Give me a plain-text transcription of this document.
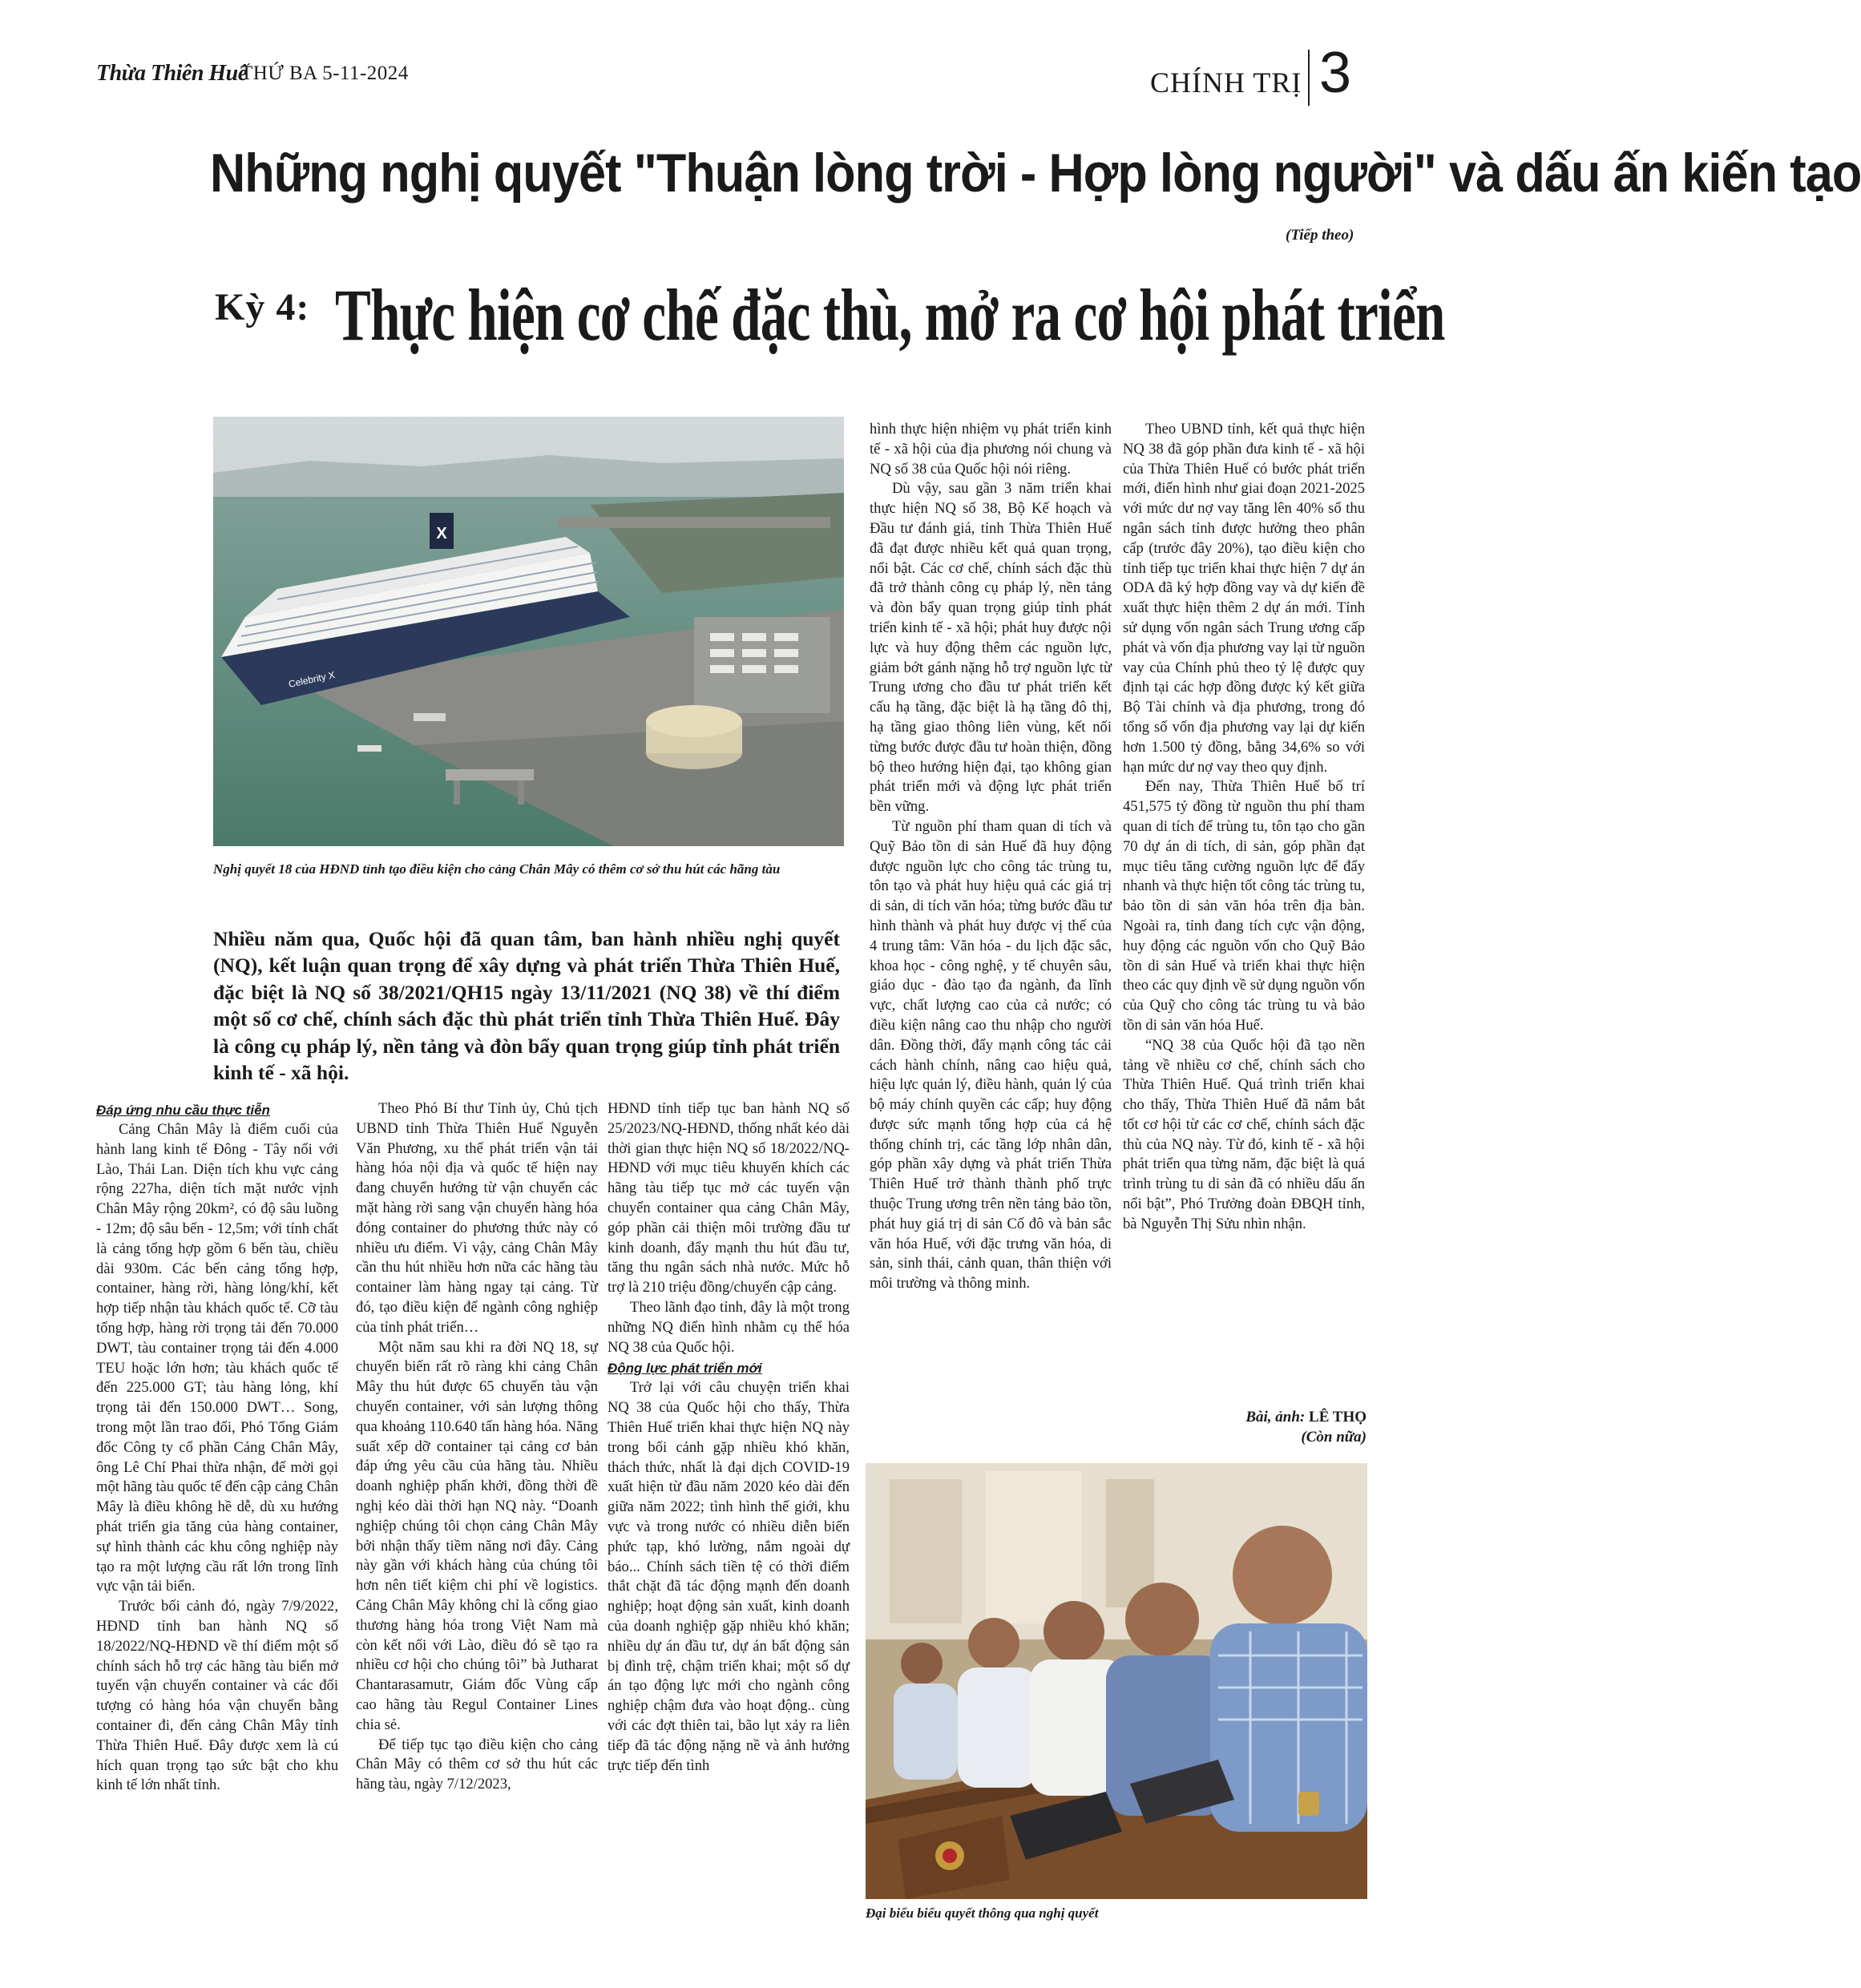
Thừa Thiên Huế
THỨ BA 5-11-2024	CHÍNH TRỊ 3
Những nghị quyết "Thuận lòng trời - Hợp lòng người" và dấu ấn kiến tạo
(Tiếp theo)
Kỳ 4: Thực hiện cơ chế đặc thù, mở ra cơ hội phát triển
X
Celebrity X
Nghị quyết 18 của HĐND tỉnh tạo điều kiện cho cảng Chân Mây có thêm cơ sở thu hút các hãng tàu
Nhiều năm qua, Quốc hội đã quan tâm, ban hành nhiều nghị quyết (NQ), kết luận quan trọng để xây dựng và phát triển Thừa Thiên Huế, đặc biệt là NQ số 38/2021/QH15 ngày 13/11/2021 (NQ 38) về thí điểm một số cơ chế, chính sách đặc thù phát triển tỉnh Thừa Thiên Huế. Đây là công cụ pháp lý, nền tảng và đòn bẩy quan trọng giúp tỉnh phát triển kinh tế - xã hội.
Đáp ứng nhu cầu thực tiễn

Cảng Chân Mây là điểm cuối của hành lang kinh tế Đông - Tây nối với Lào, Thái Lan. Diện tích khu vực cảng rộng 227ha, diện tích mặt nước vịnh Chân Mây rộng 20km², có độ sâu luồng - 12m; độ sâu bến - 12,5m; với tính chất là cảng tổng hợp gồm 6 bến tàu, chiều dài 930m. Các bến cảng tổng hợp, container, hàng rời, hàng lỏng/khí, kết hợp tiếp nhận tàu khách quốc tế. Cỡ tàu tổng hợp, hàng rời trọng tải đến 70.000 DWT, tàu container trọng tải đến 4.000 TEU hoặc lớn hơn; tàu khách quốc tế đến 225.000 GT; tàu hàng lỏng, khí trọng tải đến 150.000 DWT… Song, trong một lần trao đổi, Phó Tổng Giám đốc Công ty cổ phần Cảng Chân Mây, ông Lê Chí Phai thừa nhận, để mời gọi một hãng tàu quốc tế đến cập cảng Chân Mây là điều không hề dễ, dù xu hướng phát triển gia tăng của hàng container, sự hình thành các khu công nghiệp này tạo ra một lượng cầu rất lớn trong lĩnh vực vận tải biển.

Trước bối cảnh đó, ngày 7/9/2022, HĐND tỉnh ban hành NQ số 18/2022/NQ-HĐND về thí điểm một số chính sách hỗ trợ các hãng tàu biển mở tuyến vận chuyển container và các đối tượng có hàng hóa vận chuyển bằng container đi, đến cảng Chân Mây tỉnh Thừa Thiên Huế. Đây được xem là cú hích quan trọng tạo sức bật cho khu kinh tế lớn nhất tỉnh.

Theo Phó Bí thư Tỉnh ủy, Chủ tịch UBND tỉnh Thừa Thiên Huế Nguyễn Văn Phương, xu thế phát triển vận tải hàng hóa nội địa và quốc tế hiện nay đang chuyển hướng từ vận chuyển các mặt hàng rời sang vận chuyển hàng hóa đóng container do phương thức này có nhiều ưu điểm. Vì vậy, cảng Chân Mây cần thu hút nhiều hơn nữa các hãng tàu container làm hàng ngay tại cảng. Từ đó, tạo điều kiện để ngành công nghiệp của tỉnh phát triển…

Một năm sau khi ra đời NQ 18, sự chuyển biến rất rõ ràng khi cảng Chân Mây thu hút được 65 chuyến tàu vận chuyển container, với sản lượng thông qua khoảng 110.640 tấn hàng hóa. Năng suất xếp dỡ container tại cảng cơ bản đáp ứng yêu cầu của hãng tàu. Nhiều doanh nghiệp phấn khởi, đồng thời đề nghị kéo dài thời hạn NQ này. “Doanh nghiệp chúng tôi chọn cảng Chân Mây bởi nhận thấy tiềm năng nơi đây. Cảng này gần với khách hàng của chúng tôi hơn nên tiết kiệm chi phí về logistics. Cảng Chân Mây không chỉ là cổng giao thương hàng hóa trong Việt Nam mà còn kết nối với Lào, điều đó sẽ tạo ra nhiều cơ hội cho chúng tôi” bà Jutharat Chantarasamutr, Giám đốc Vùng cấp cao hãng tàu Regul Container Lines chia sẻ.

Để tiếp tục tạo điều kiện cho cảng Chân Mây có thêm cơ sở thu hút các hãng tàu, ngày 7/12/2023,

HĐND tỉnh tiếp tục ban hành NQ số 25/2023/NQ-HĐND, thống nhất kéo dài thời gian thực hiện NQ số 18/2022/NQ-HĐND với mục tiêu khuyến khích các hãng tàu tiếp tục mở các tuyến vận chuyển container qua cảng Chân Mây, góp phần cải thiện môi trường đầu tư kinh doanh, đẩy mạnh thu hút đầu tư, tăng thu ngân sách nhà nước. Mức hỗ trợ là 210 triệu đồng/chuyến cập cảng.

Theo lãnh đạo tỉnh, đây là một trong những NQ điển hình nhằm cụ thể hóa NQ 38 của Quốc hội.

Động lực phát triển mới

Trở lại với câu chuyện triển khai NQ 38 của Quốc hội cho thấy, Thừa Thiên Huế triển khai thực hiện NQ này trong bối cảnh gặp nhiều khó khăn, thách thức, nhất là đại dịch COVID-19 xuất hiện từ đầu năm 2020 kéo dài đến giữa năm 2022; tình hình thế giới, khu vực và trong nước có nhiều diễn biến phức tạp, khó lường, nắm ngoài dự báo... Chính sách tiền tệ có thời điểm thắt chặt đã tác động mạnh đến doanh nghiệp; hoạt động sản xuất, kinh doanh của doanh nghiệp gặp nhiều khó khăn; nhiều dự án đầu tư, dự án bất động sản bị đình trệ, chậm triển khai; một số dự án tạo động lực mới cho ngành công nghiệp chậm đưa vào hoạt động.. cùng với các đợt thiên tai, bão lụt xảy ra liên tiếp đã tác động nặng nề và ảnh hưởng trực tiếp đến tình

hình thực hiện nhiệm vụ phát triển kinh tế - xã hội của địa phương nói chung và NQ số 38 của Quốc hội nói riêng.

Dù vậy, sau gần 3 năm triển khai thực hiện NQ số 38, Bộ Kế hoạch và Đầu tư đánh giá, tỉnh Thừa Thiên Huế đã đạt được nhiều kết quả quan trọng, nổi bật. Các cơ chế, chính sách đặc thù đã trở thành công cụ pháp lý, nền tảng và đòn bẩy quan trọng giúp tỉnh phát triển kinh tế - xã hội; phát huy được nội lực và huy động thêm các nguồn lực, giảm bớt gánh nặng hỗ trợ nguồn lực từ Trung ương cho đầu tư phát triển kết cấu hạ tầng, đặc biệt là hạ tầng đô thị, hạ tầng giao thông liên vùng, kết nối từng bước được đầu tư hoàn thiện, đồng bộ theo hướng hiện đại, tạo không gian phát triển mới và động lực phát triển bền vững.

Từ nguồn phí tham quan di tích và Quỹ Bảo tồn di sản Huế đã huy động được nguồn lực cho công tác trùng tu, tôn tạo và phát huy hiệu quả các giá trị di sản, di tích văn hóa; từng bước đầu tư hình thành và phát huy được vị thế của 4 trung tâm: Văn hóa - du lịch đặc sắc, khoa học - công nghệ, y tế chuyên sâu, giáo dục - đào tạo đa ngành, đa lĩnh vực, chất lượng cao của cả nước; có điều kiện nâng cao thu nhập cho người dân. Đồng thời, đẩy mạnh công tác cải cách hành chính, nâng cao hiệu quả, hiệu lực quản lý, điều hành, quản lý của bộ máy chính quyền các cấp; huy động được sức mạnh tổng hợp của cả hệ thống chính trị, các tầng lớp nhân dân, góp phần xây dựng và phát triển Thừa Thiên Huế trở thành thành phố trực thuộc Trung ương trên nền tảng bảo tồn, phát huy giá trị di sản Cố đô và bản sắc văn hóa Huế, với đặc trưng văn hóa, di sản, sinh thái, cảnh quan, thân thiện với môi trường và thông minh.

Theo UBND tỉnh, kết quả thực hiện NQ 38 đã góp phần đưa kinh tế - xã hội của Thừa Thiên Huế có bước phát triển mới, điển hình như giai đoạn 2021-2025 với mức dư nợ vay tăng lên 40% số thu ngân sách tỉnh được hưởng theo phân cấp (trước đây 20%), tạo điều kiện cho tỉnh tiếp tục triển khai thực hiện 7 dự án ODA đã ký hợp đồng vay và dự kiến đề xuất thực hiện thêm 2 dự án mới. Tỉnh sử dụng vốn ngân sách Trung ương cấp phát và vốn địa phương vay lại từ nguồn vay của Chính phủ theo tỷ lệ được quy định tại các hợp đồng được ký kết giữa Bộ Tài chính và địa phương, trong đó tổng số vốn địa phương vay lại dự kiến hơn 1.500 tỷ đồng, bằng 34,6% so với hạn mức dư nợ vay theo quy định.

Đến nay, Thừa Thiên Huế bố trí 451,575 tỷ đồng từ nguồn thu phí tham quan di tích để trùng tu, tôn tạo cho gần 70 dự án di tích, di sản, góp phần đạt mục tiêu tăng cường nguồn lực để đẩy nhanh và thực hiện tốt công tác trùng tu, bảo tồn di sản văn hóa trên địa bàn. Ngoài ra, tỉnh đang tích cực vận động, huy động các nguồn vốn cho Quỹ Bảo tồn di sản Huế và triển khai thực hiện theo các quy định về sử dụng nguồn vốn của Quỹ cho công tác trùng tu và bảo tồn di sản văn hóa Huế.

“NQ 38 của Quốc hội đã tạo nền tảng về nhiều cơ chế, chính sách cho Thừa Thiên Huế. Quá trình triển khai cho thấy, Thừa Thiên Huế đã nắm bắt tốt cơ hội từ các cơ chế, chính sách đặc thù của NQ này. Từ đó, kinh tế - xã hội phát triển qua từng năm, đặc biệt là quá trình trùng tu di sản đã có nhiều dấu ấn nổi bật”, Phó Trưởng đoàn ĐBQH tỉnh, bà Nguyễn Thị Sửu nhìn nhận.

Bài, ảnh: LÊ THỌ
(Còn nữa)
Đại biểu biểu quyết thông qua nghị quyết
